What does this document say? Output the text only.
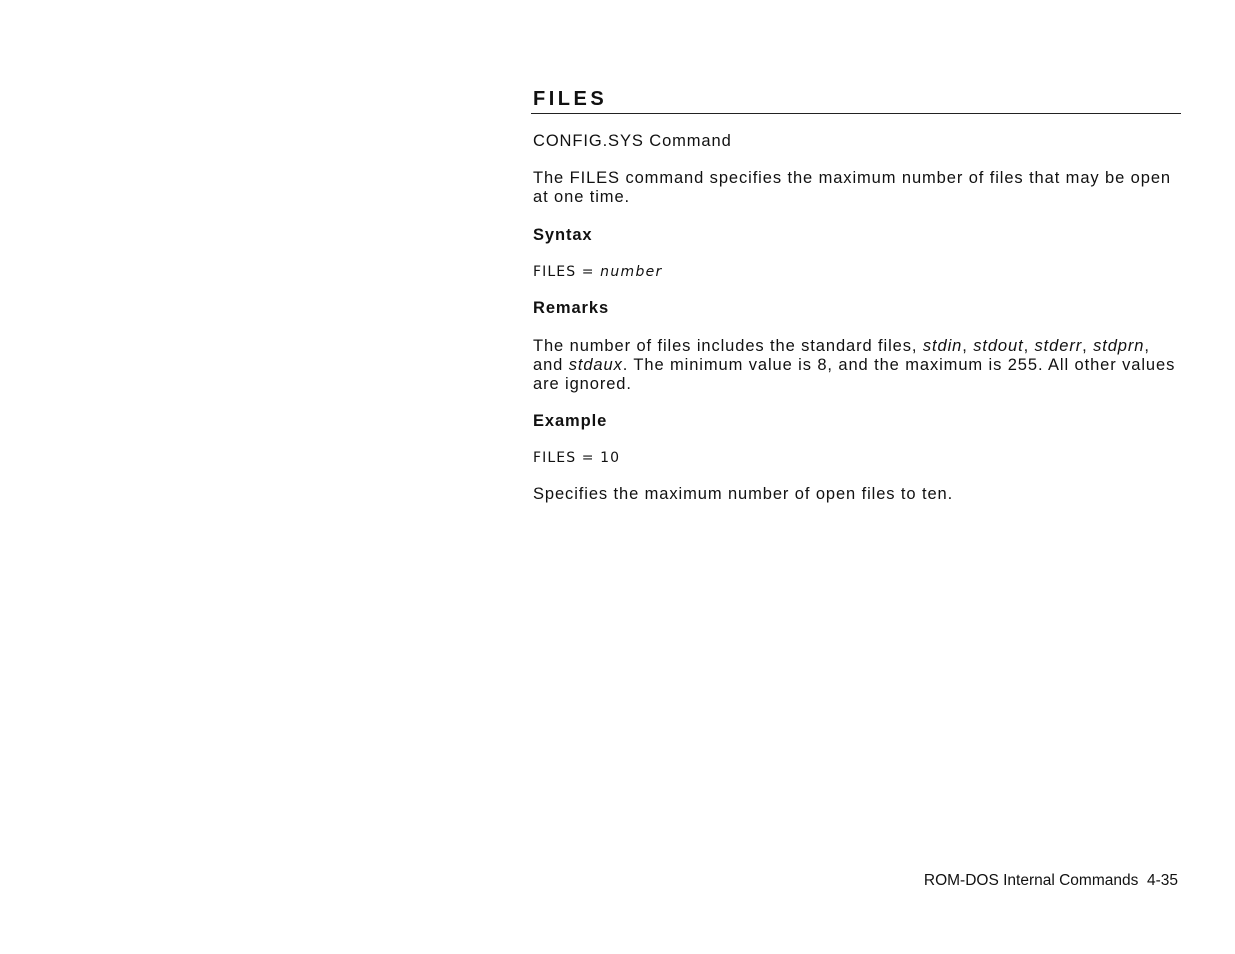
FILES

CONFIG.SYS Command

The FILES command specifies the maximum number of files that may be open at one time.

Syntax

FILES = number

Remarks

The number of files includes the standard files, stdin, stdout, stderr, stdprn, and stdaux. The minimum value is 8, and the maximum is 255. All other values are ignored.

Example

FILES = 10

Specifies the maximum number of open files to ten.

ROM-DOS Internal Commands  4-35
